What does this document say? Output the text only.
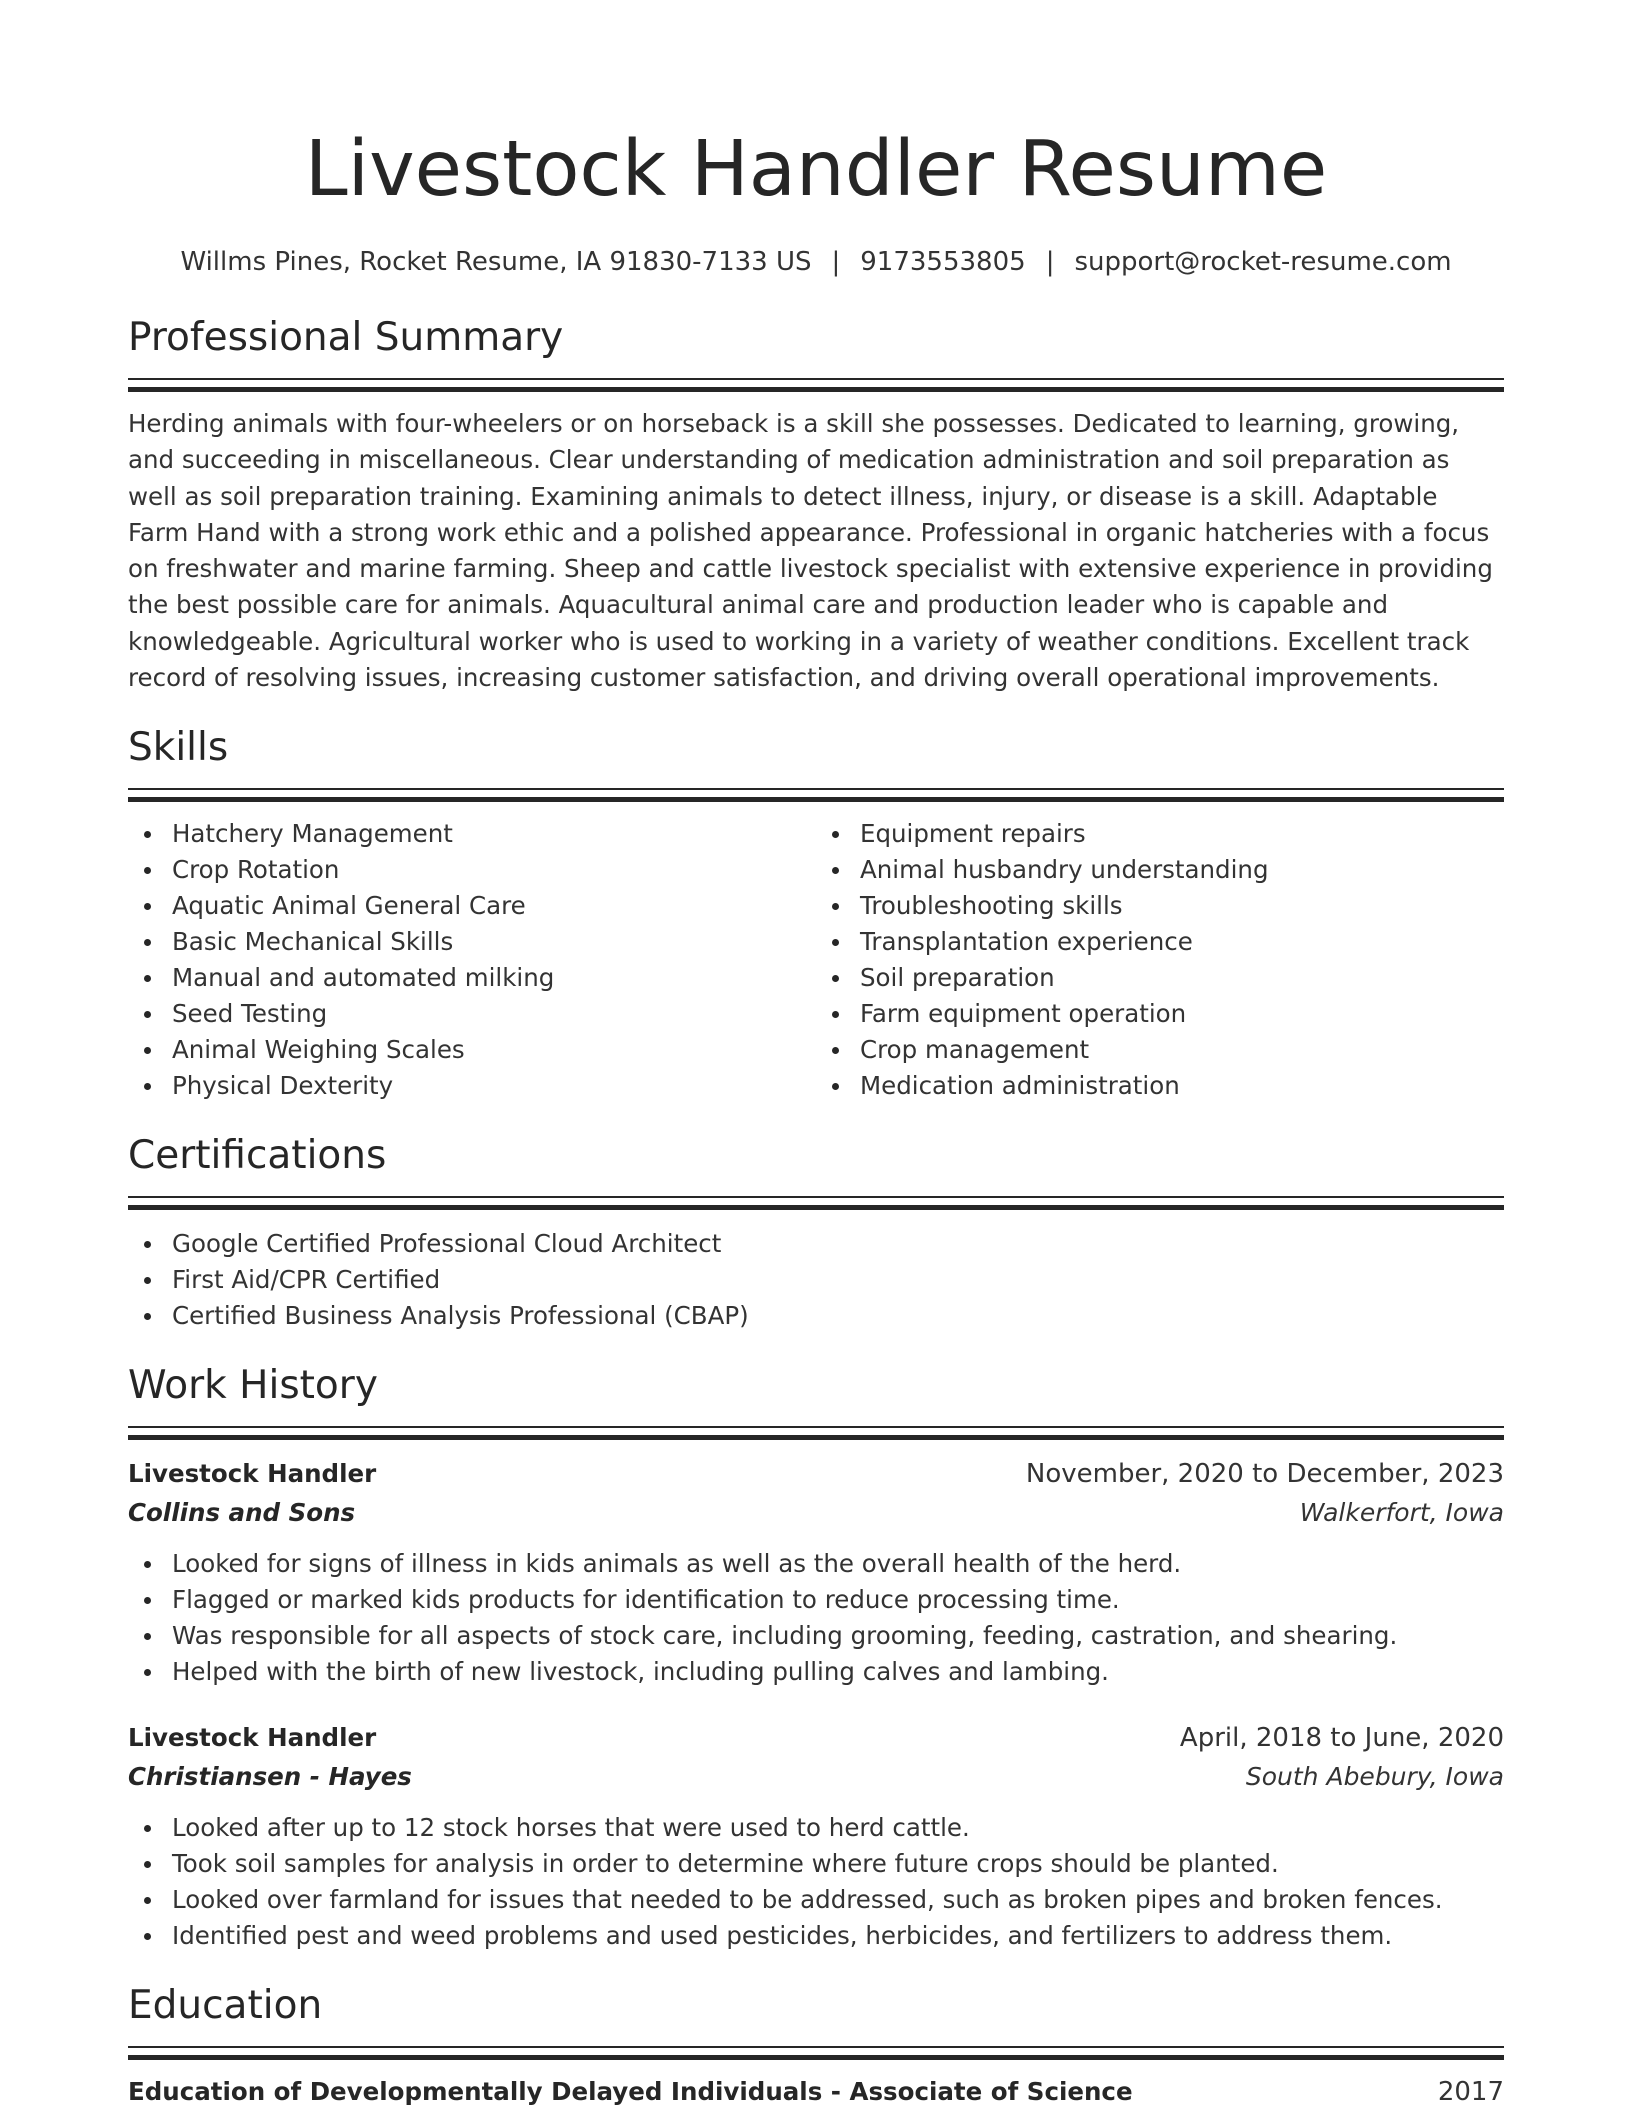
Livestock Handler Resume
Willms Pines, Rocket Resume, IA 91830-7133 US | 9173553805 | support@rocket-resume.com
Professional Summary

Herding animals with four-wheelers or on horseback is a skill she possesses. Dedicated to learning, growing, and succeeding in miscellaneous. Clear understanding of medication administration and soil preparation as well as soil preparation training. Examining animals to detect illness, injury, or disease is a skill. Adaptable Farm Hand with a strong work ethic and a polished appearance. Professional in organic hatcheries with a focus on freshwater and marine farming. Sheep and cattle livestock specialist with extensive experience in providing the best possible care for animals. Aquacultural animal care and production leader who is capable and knowledgeable. Agricultural worker who is used to working in a variety of weather conditions. Excellent track record of resolving issues, increasing customer satisfaction, and driving overall operational improvements.

Skills
Hatchery Management
Crop Rotation
Aquatic Animal General Care
Basic Mechanical Skills
Manual and automated milking
Seed Testing
Animal Weighing Scales
Physical Dexterity
Equipment repairs
Animal husbandry understanding
Troubleshooting skills
Transplantation experience
Soil preparation
Farm equipment operation
Crop management
Medication administration
Certifications
Google Certified Professional Cloud Architect
First Aid/CPR Certified
Certified Business Analysis Professional (CBAP)
Work History
Livestock Handler	November, 2020 to December, 2023
Collins and Sons	Walkerfort, Iowa
Looked for signs of illness in kids animals as well as the overall health of the herd.
Flagged or marked kids products for identification to reduce processing time.
Was responsible for all aspects of stock care, including grooming, feeding, castration, and shearing.
Helped with the birth of new livestock, including pulling calves and lambing.
Livestock Handler	April, 2018 to June, 2020
Christiansen - Hayes	South Abebury, Iowa
Looked after up to 12 stock horses that were used to herd cattle.
Took soil samples for analysis in order to determine where future crops should be planted.
Looked over farmland for issues that needed to be addressed, such as broken pipes and broken fences.
Identified pest and weed problems and used pesticides, herbicides, and fertilizers to address them.
Education
Education of Developmentally Delayed Individuals - Associate of Science	2017
